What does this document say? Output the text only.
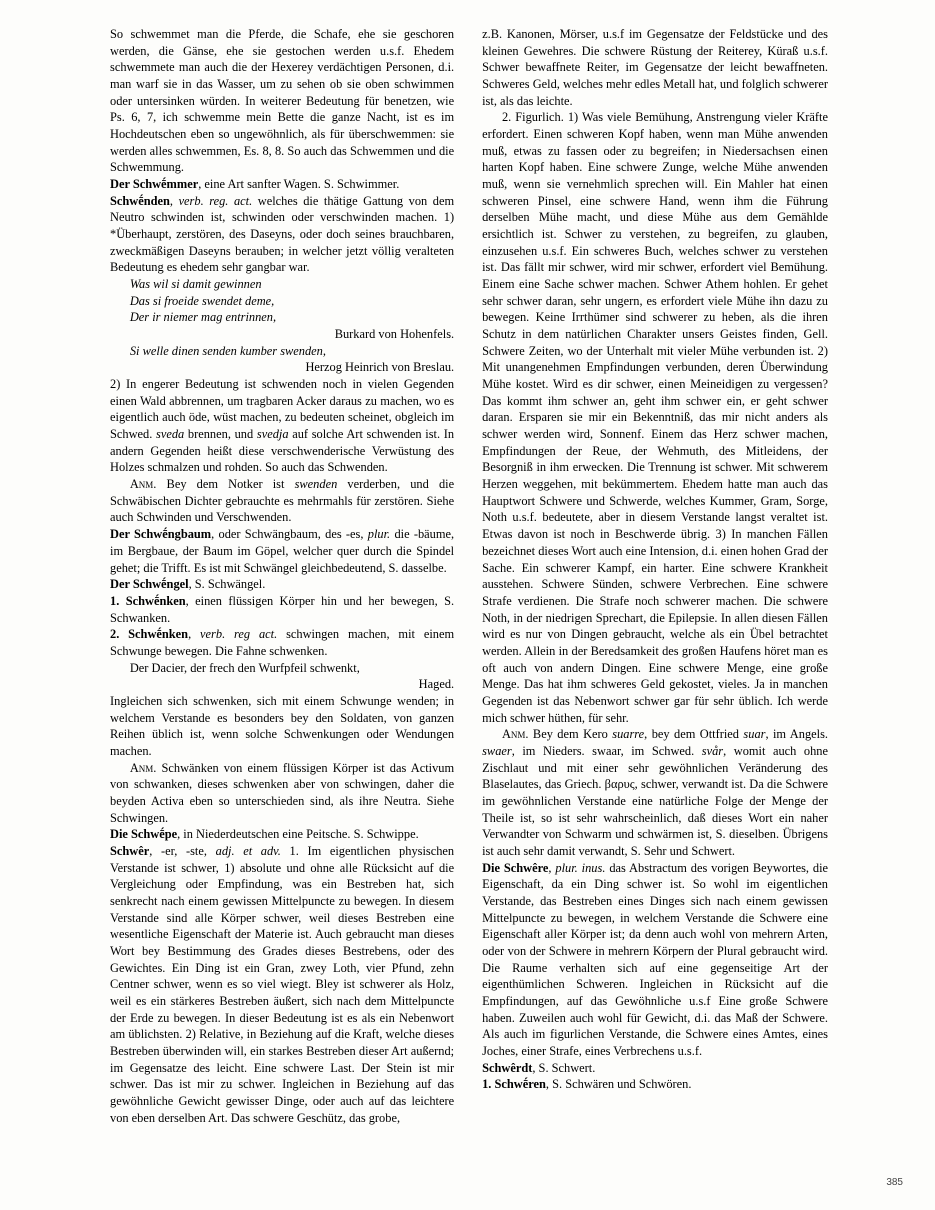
So schwemmet man die Pferde, die Schafe, ehe sie geschoren werden, die Gänse, ehe sie gestochen werden u.s.f. Ehedem schwemmete man auch die der Hexerey verdächtigen Personen, d.i. man warf sie in das Wasser, um zu sehen ob sie oben schwimmen oder untersinken würden. In weiterer Bedeutung für benetzen, wie Ps. 6, 7, ich schwemme mein Bette die ganze Nacht, ist es im Hochdeutschen eben so ungewöhnlich, als für überschwemmen: sie werden alles schwemmen, Es. 8, 8. So auch das Schwemmen und die Schwemmung.

Der Schwḗmmer, eine Art sanfter Wagen. S. Schwimmer.

Schwḗnden, verb. reg. act. welches die thätige Gattung von dem Neutro schwinden ist, schwinden oder verschwinden machen. 1) *Überhaupt, zerstören, des Daseyns, oder doch seines brauchbaren, zweckmäßigen Daseyns berauben; in welcher jetzt völlig veralteten Bedeutung es ehedem sehr gangbar war.

Was wil si damit gewinnen
Das si froeide swendet deme,
Der ir niemer mag entrinnen,

Burkard von Hohenfels.

Si welle dinen senden kumber swenden,

Herzog Heinrich von Breslau.

2) In engerer Bedeutung ist schwenden noch in vielen Gegenden einen Wald abbrennen, um tragbaren Acker daraus zu machen, wo es eigentlich auch öde, wüst machen, zu bedeuten scheinet, obgleich im Schwed. sveda brennen, und svedja auf solche Art schwenden ist. In andern Gegenden heißt diese verschwenderische Verwüstung des Holzes schmalzen und rohden. So auch das Schwenden.

Anm. Bey dem Notker ist swenden verderben, und die Schwäbischen Dichter gebrauchte es mehrmahls für zerstören. Siehe auch Schwinden und Verschwenden.

Der Schwḗngbaum, oder Schwängbaum, des -es, plur. die -bäume, im Bergbaue, der Baum im Göpel, welcher quer durch die Spindel gehet; die Trifft. Es ist mit Schwängel gleichbedeutend, S. dasselbe.

Der Schwḗngel, S. Schwängel.

1. Schwḗnken, einen flüssigen Körper hin und her bewegen, S. Schwanken.

2. Schwḗnken, verb. reg act. schwingen machen, mit einem Schwunge bewegen. Die Fahne schwenken.

Der Dacier, der frech den Wurfpfeil schwenkt,

Haged.

Ingleichen sich schwenken, sich mit einem Schwunge wenden; in welchem Verstande es besonders bey den Soldaten, von ganzen Reihen üblich ist, wenn solche Schwenkungen oder Wendungen machen.

Anm. Schwänken von einem flüssigen Körper ist das Activum von schwanken, dieses schwenken aber von schwingen, daher die beyden Activa eben so unterschieden sind, als ihre Neutra. Siehe Schwingen.

Die Schwḗpe, in Niederdeutschen eine Peitsche. S. Schwippe.

Schwêr, -er, -ste, adj. et adv. 1. Im eigentlichen physischen Verstande ist schwer, 1) absolute und ohne alle Rücksicht auf die Vergleichung oder Empfindung, was ein Bestreben hat, sich senkrecht nach einem gewissen Mittelpuncte zu bewegen. In diesem Verstande sind alle Körper schwer, weil dieses Bestreben eine wesentliche Eigenschaft der Materie ist. Auch gebraucht man dieses Wort bey Bestimmung des Grades dieses Bestrebens, oder des Gewichtes. Ein Ding ist ein Gran, zwey Loth, vier Pfund, zehn Centner schwer, wenn es so viel wiegt. Bley ist schwerer als Holz, weil es ein stärkeres Bestreben äußert, sich nach dem Mittelpuncte der Erde zu bewegen. In dieser Bedeutung ist es als ein Nebenwort am üblichsten. 2) Relative, in Beziehung auf die Kraft, welche dieses Bestreben überwinden will, ein starkes Bestreben dieser Art außernd; im Gegensatze des leicht. Eine schwere Last. Der Stein ist mir schwer. Das ist mir zu schwer. Ingleichen in Beziehung auf das gewöhnliche Gewicht gewisser Dinge, oder auch auf das leichtere von eben derselben Art. Das schwere Geschütz, das grobe,

z.B. Kanonen, Mörser, u.s.f im Gegensatze der Feldstücke und des kleinen Gewehres. Die schwere Rüstung der Reiterey, Küraß u.s.f. Schwer bewaffnete Reiter, im Gegensatze der leicht bewaffneten. Schweres Geld, welches mehr edles Metall hat, und folglich schwerer ist, als das leichte.

2. Figurlich. 1) Was viele Bemühung, Anstrengung vieler Kräfte erfordert. Einen schweren Kopf haben, wenn man Mühe anwenden muß, etwas zu fassen oder zu begreifen; in Niedersachsen einen harten Kopf haben. Eine schwere Zunge, welche Mühe anwenden muß, wenn sie vernehmlich sprechen will. Ein Mahler hat einen schweren Pinsel, eine schwere Hand, wenn ihm die Führung derselben Mühe macht, und diese Mühe aus dem Gemählde ersichtlich ist. Schwer zu verstehen, zu begreifen, zu glauben, einzusehen u.s.f. Ein schweres Buch, welches schwer zu verstehen ist. Das fällt mir schwer, wird mir schwer, erfordert viel Bemühung. Einem eine Sache schwer machen. Schwer Athem hohlen. Er gehet sehr schwer daran, sehr ungern, es erfordert viele Mühe ihn dazu zu bewegen. Keine Irrthümer sind schwerer zu heben, als die ihren Schutz in dem natürlichen Charakter unsers Geistes finden, Gell. Schwere Zeiten, wo der Unterhalt mit vieler Mühe verbunden ist. 2) Mit unangenehmen Empfindungen verbunden, deren Überwindung Mühe kostet. Wird es dir schwer, einen Meineidigen zu vergessen? Das kommt ihm schwer an, geht ihm schwer ein, er geht schwer daran. Ersparen sie mir ein Bekenntniß, das mir nicht anders als schwer werden wird, Sonnenf. Einem das Herz schwer machen, Empfindungen der Reue, der Wehmuth, des Mitleidens, der Besorgniß in ihm erwecken. Die Trennung ist schwer. Mit schwerem Herzen weggehen, mit bekümmertem. Ehedem hatte man auch das Hauptwort Schwere und Schwerde, welches Kummer, Gram, Sorge, Noth u.s.f. bedeutete, aber in diesem Verstande langst veraltet ist. Etwas davon ist noch in Beschwerde übrig. 3) In manchen Fällen bezeichnet dieses Wort auch eine Intension, d.i. einen hohen Grad der Sache. Ein schwerer Kampf, ein harter. Eine schwere Krankheit ausstehen. Schwere Sünden, schwere Verbrechen. Eine schwere Strafe verdienen. Die Strafe noch schwerer machen. Die schwere Noth, in der niedrigen Sprechart, die Epilepsie. In allen diesen Fällen wird es nur von Dingen gebraucht, welche als ein Übel betrachtet werden. Allein in der Beredsamkeit des großen Haufens höret man es oft auch von andern Dingen. Eine schwere Menge, eine große Menge. Das hat ihm schweres Geld gekostet, vieles. Ja in manchen Gegenden ist das Nebenwort schwer gar für sehr üblich. Ich werde mich schwer hüthen, für sehr.

Anm. Bey dem Kero suarre, bey dem Ottfried suar, im Angels. swaer, im Nieders. swaar, im Schwed. svår, womit auch ohne Zischlaut und mit einer sehr gewöhnlichen Veränderung des Blaselautes, das Griech. βαρυς, schwer, verwandt ist. Da die Schwere im gewöhnlichen Verstande eine natürliche Folge der Menge der Theile ist, so ist sehr wahrscheinlich, daß dieses Wort ein naher Verwandter von Schwarm und schwärmen ist, S. dieselben. Übrigens ist auch sehr damit verwandt, S. Sehr und Schwert.

Die Schwêre, plur. inus. das Abstractum des vorigen Beywortes, die Eigenschaft, da ein Ding schwer ist. So wohl im eigentlichen Verstande, das Bestreben eines Dinges sich nach einem gewissen Mittelpuncte zu bewegen, in welchem Verstande die Schwere eine Eigenschaft aller Körper ist; da denn auch wohl von mehrern Arten, oder von der Schwere in mehrern Körpern der Plural gebraucht wird. Die Raume verhalten sich auf eine gegenseitige Art der eigenthümlichen Schweren. Ingleichen in Rücksicht auf die Empfindungen, auf das Gewöhnliche u.s.f Eine große Schwere haben. Zuweilen auch wohl für Gewicht, d.i. das Maß der Schwere. Als auch im figurlichen Verstande, die Schwere eines Amtes, eines Joches, einer Strafe, eines Verbrechens u.s.f.

Schwêrdt, S. Schwert.

1. Schwḗren, S. Schwären und Schwören.

385
